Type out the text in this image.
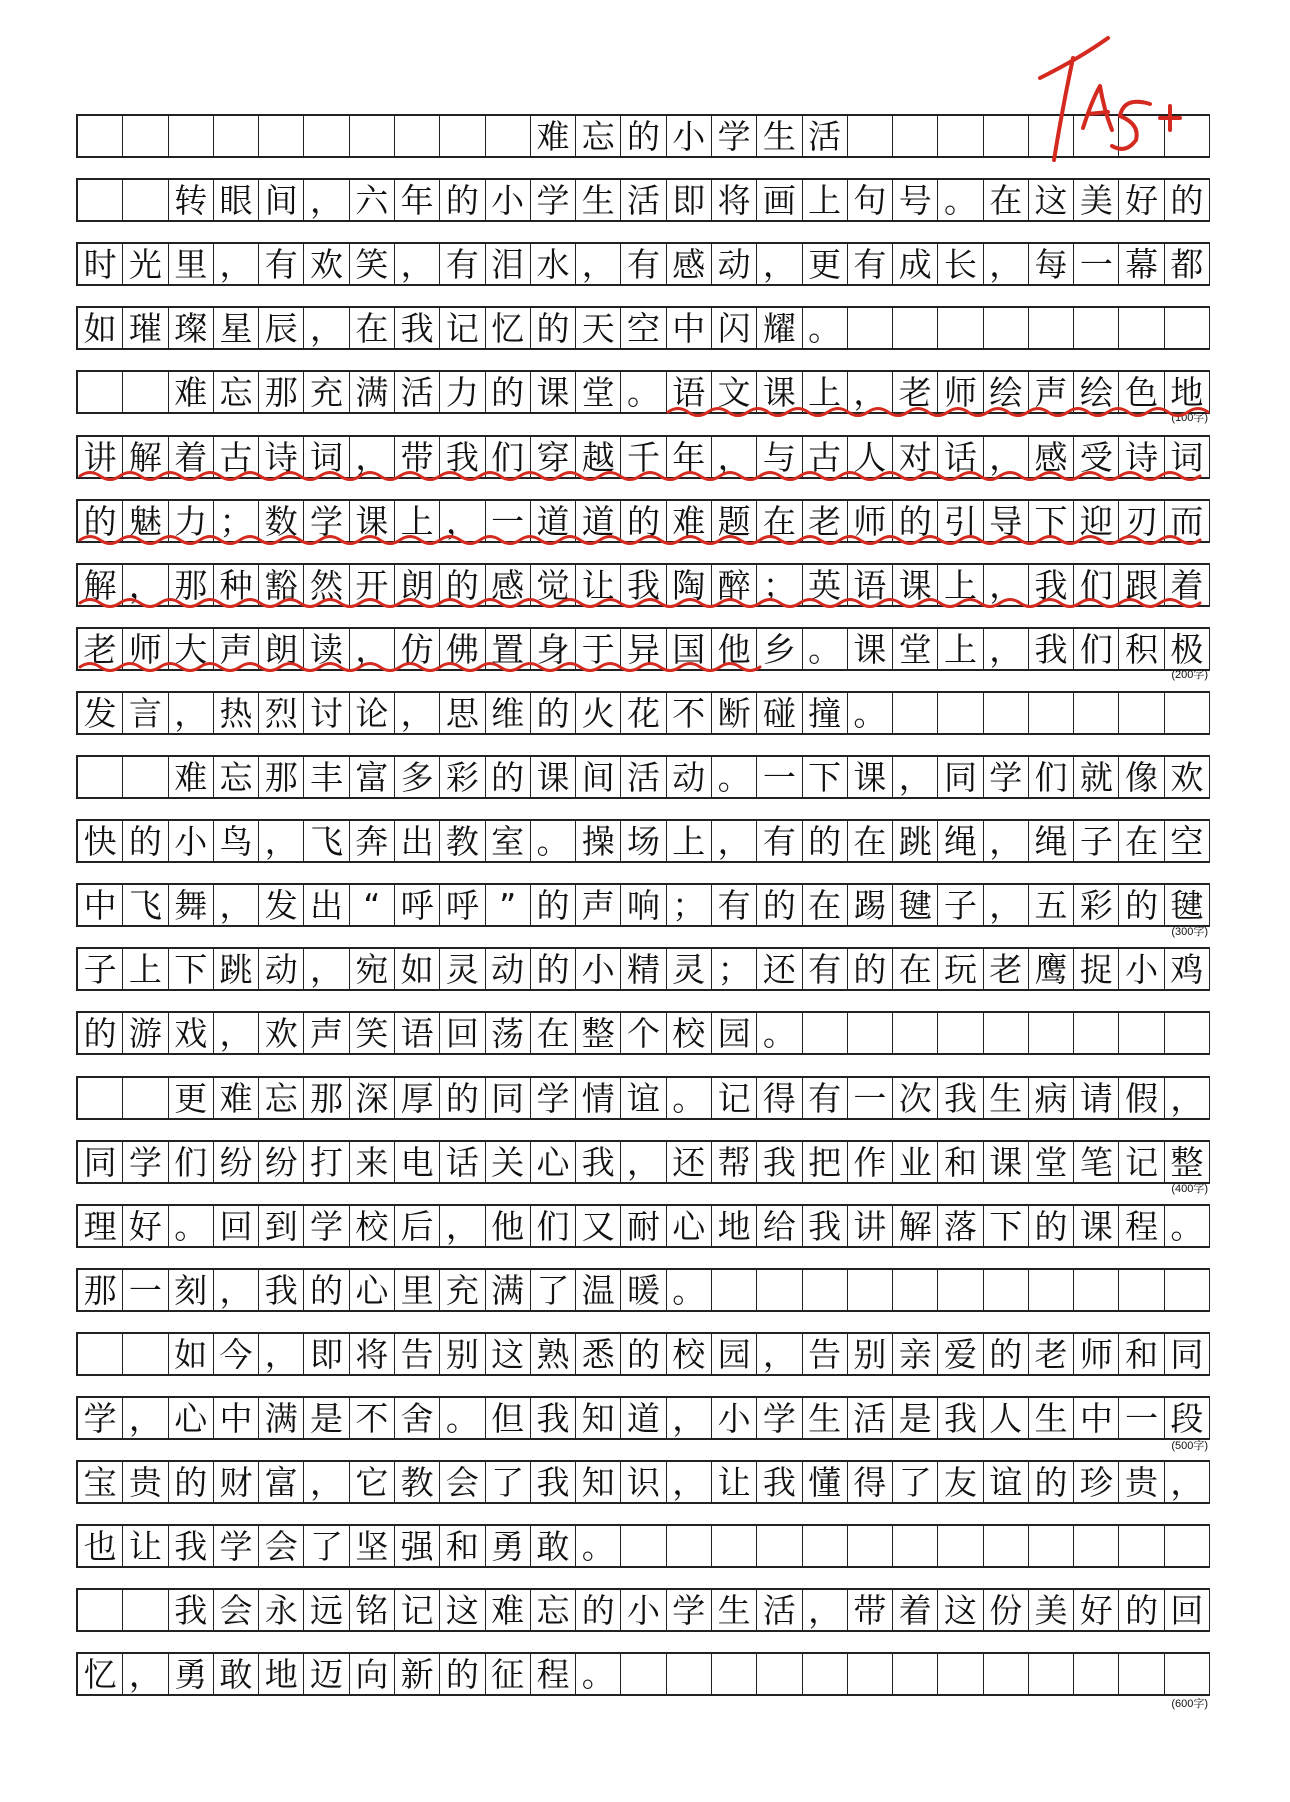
难 忘 的 小 学 生 活
转 眼 间 ， 六 年 的 小 学 生 活 即 将 画 上 句 号 。 在 这 美 好 的
时 光 里 ， 有 欢 笑 ， 有 泪 水 ， 有 感 动 ， 更 有 成 长 ， 每 一 幕 都
如 璀 璨 星 辰 ， 在 我 记 忆 的 天 空 中 闪 耀 。
难 忘 那 充 满 活 力 的 课 堂 。 语 文 课 上 ， 老 师 绘 声 绘 色 地
讲 解 着 古 诗 词 ， 带 我 们 穿 越 千 年 ， 与 古 人 对 话 ， 感 受 诗 词
的 魅 力 ； 数 学 课 上 ， 一 道 道 的 难 题 在 老 师 的 引 导 下 迎 刃 而
解 ， 那 种 豁 然 开 朗 的 感 觉 让 我 陶 醉 ； 英 语 课 上 ， 我 们 跟 着
老 师 大 声 朗 读 ， 仿 佛 置 身 于 异 国 他 乡 。 课 堂 上 ， 我 们 积 极
发 言 ， 热 烈 讨 论 ， 思 维 的 火 花 不 断 碰 撞 。
难 忘 那 丰 富 多 彩 的 课 间 活 动 。 一 下 课 ， 同 学 们 就 像 欢
快 的 小 鸟 ， 飞 奔 出 教 室 。 操 场 上 ， 有 的 在 跳 绳 ， 绳 子 在 空
中 飞 舞 ， 发 出 “ 呼 呼 ” 的 声 响 ； 有 的 在 踢 毽 子 ， 五 彩 的 毽
子 上 下 跳 动 ， 宛 如 灵 动 的 小 精 灵 ； 还 有 的 在 玩 老 鹰 捉 小 鸡
的 游 戏 ， 欢 声 笑 语 回 荡 在 整 个 校 园 。
更 难 忘 那 深 厚 的 同 学 情 谊 。 记 得 有 一 次 我 生 病 请 假 ，
同 学 们 纷 纷 打 来 电 话 关 心 我 ， 还 帮 我 把 作 业 和 课 堂 笔 记 整
理 好 。 回 到 学 校 后 ， 他 们 又 耐 心 地 给 我 讲 解 落 下 的 课 程 。
那 一 刻 ， 我 的 心 里 充 满 了 温 暖 。
如 今 ， 即 将 告 别 这 熟 悉 的 校 园 ， 告 别 亲 爱 的 老 师 和 同
学 ， 心 中 满 是 不 舍 。 但 我 知 道 ， 小 学 生 活 是 我 人 生 中 一 段
宝 贵 的 财 富 ， 它 教 会 了 我 知 识 ， 让 我 懂 得 了 友 谊 的 珍 贵 ，
也 让 我 学 会 了 坚 强 和 勇 敢 。
我 会 永 远 铭 记 这 难 忘 的 小 学 生 活 ， 带 着 这 份 美 好 的 回
忆 ， 勇 敢 地 迈 向 新 的 征 程 。
(100字)
(200字)
(300字)
(400字)
(500字)
(600字)
TAS+
